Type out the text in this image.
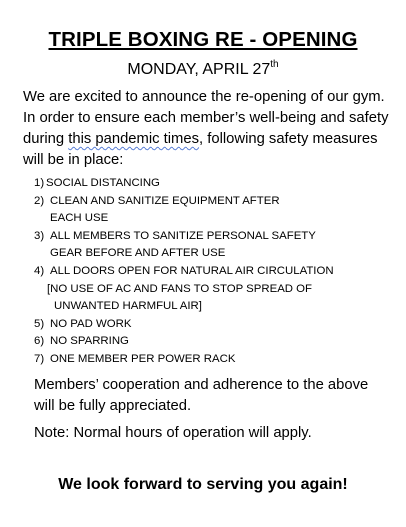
TRIPLE BOXING RE - OPENING
MONDAY, APRIL 27th
We are excited to announce the re-opening of our gym. In order to ensure each member’s well-being and safety during this pandemic times, following safety measures will be in place:
1) SOCIAL DISTANCING
2) CLEAN AND SANITIZE EQUIPMENT AFTER
EACH USE
3) ALL MEMBERS TO SANITIZE PERSONAL SAFETY
GEAR BEFORE AND AFTER USE
4) ALL DOORS OPEN FOR NATURAL AIR CIRCULATION
[NO USE OF AC AND FANS TO STOP SPREAD OF
UNWANTED HARMFUL AIR]
5) NO PAD WORK
6) NO SPARRING
7) ONE MEMBER PER POWER RACK
Members’ cooperation and adherence to the above will be fully appreciated.
Note: Normal hours of operation will apply.
We look forward to serving you again!
